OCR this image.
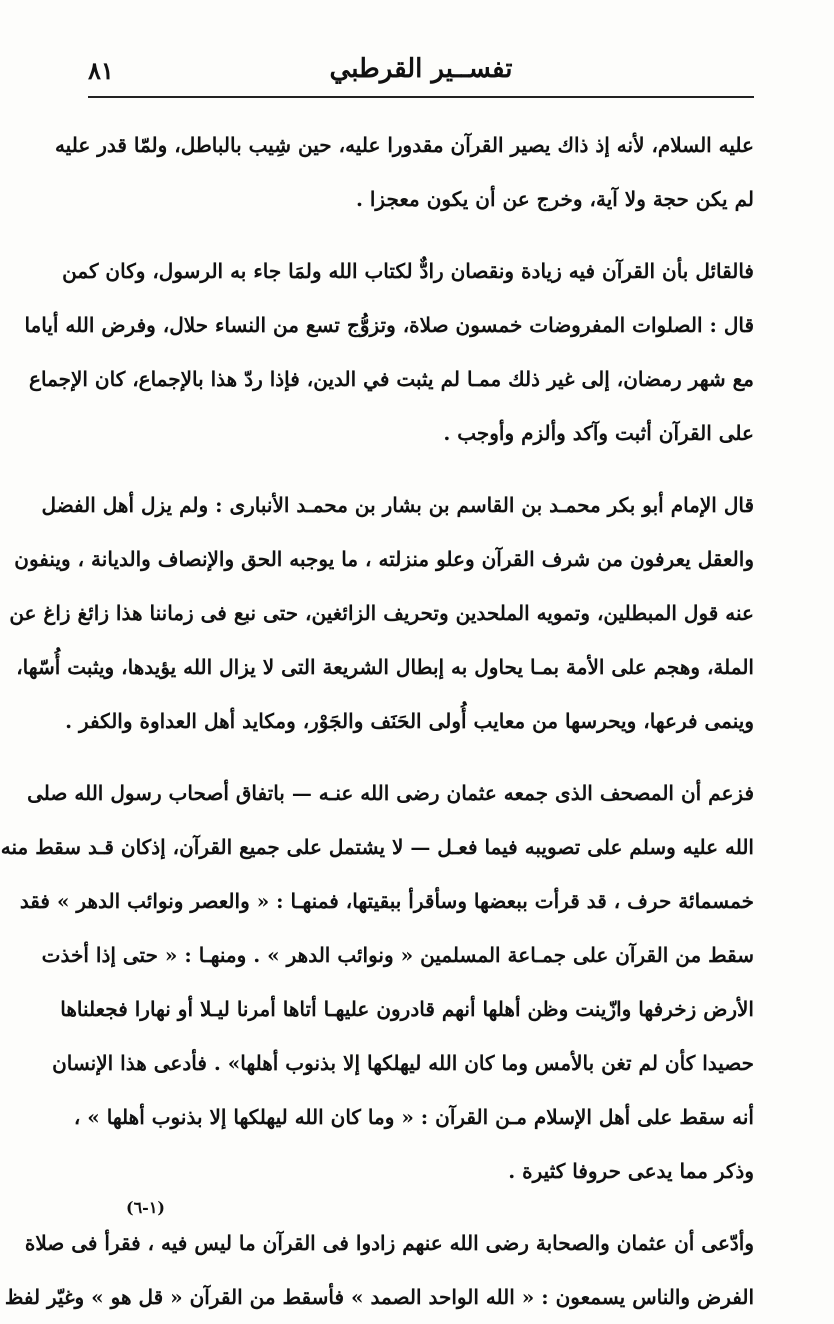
تفســير القرطبي
٨١
عليه السلام، لأنه إذ ذاك يصير القرآن مقدورا عليه، حين شِيب بالباطل، ولمّا قدر عليه
لم يكن حجة ولا آية، وخرج عن أن يكون معجزا .
فالقائل بأن القرآن فيه زيادة ونقصان رادٌّ لكتاب الله ولمَا جاء به الرسول، وكان كمن
قال : الصلوات المفروضات خمسون صلاة، وتزوُّج تسع من النساء حلال، وفرض الله أياما
مع شهر رمضان، إلى غير ذلك ممـا لم يثبت في الدين، فإذا ردّ هذا بالإجماع، كان الإجماع
على القرآن أثبت وآكد وألزم وأوجب .
قال الإمام أبو بكر محمـد بن القاسم بن بشار بن محمـد الأنبارى : ولم يزل أهل الفضل
والعقل يعرفون من شرف القرآن وعلو منزلته ، ما يوجبه الحق والإنصاف والديانة ، وينفون
عنه قول المبطلين، وتمويه الملحدين وتحريف الزائغين، حتى نبع فى زماننا هذا زائغ زاغ عن
الملة، وهجم على الأمة بمـا يحاول به إبطال الشريعة التى لا يزال الله يؤيدها، ويثبت أُسّها،
وينمى فرعها، ويحرسها من معايب أُولى الحَنَف والجَوْر، ومكايد أهل العداوة والكفر .
فزعم أن المصحف الذى جمعه عثمان رضى الله عنـه — باتفاق أصحاب رسول الله صلى
الله عليه وسلم على تصويبه فيما فعـل — لا يشتمل على جميع القرآن، إذكان قـد سقط منه
خمسمائة حرف ، قد قرأت ببعضها وسأقرأ ببقيتها، فمنهـا : « والعصر ونوائب الدهر » فقد
سقط من القرآن على جمـاعة المسلمين « ونوائب الدهر » . ومنهـا : « حتى إذا أخذت
الأرض زخرفها وازّينت وظن أهلها أنهم قادرون عليهـا أتاها أمرنا ليـلا أو نهارا فجعلناها
حصيدا كأن لم تغن بالأمس وما كان الله ليهلكها إلا بذنوب أهلها» . فأدعى هذا الإنسان
أنه سقط على أهل الإسلام مـن القرآن : « وما كان الله ليهلكها إلا بذنوب أهلها » ،
وذكر مما يدعى حروفا كثيرة .
وأدّعى أن عثمان والصحابة رضى الله عنهم زادوا فى القرآن ما ليس فيه ، فقرأ فى صلاة
الفرض والناس يسمعون : « الله الواحد الصمد » فأسقط من القرآن « قل هو » وغيّر لفظ
(١-٦)
